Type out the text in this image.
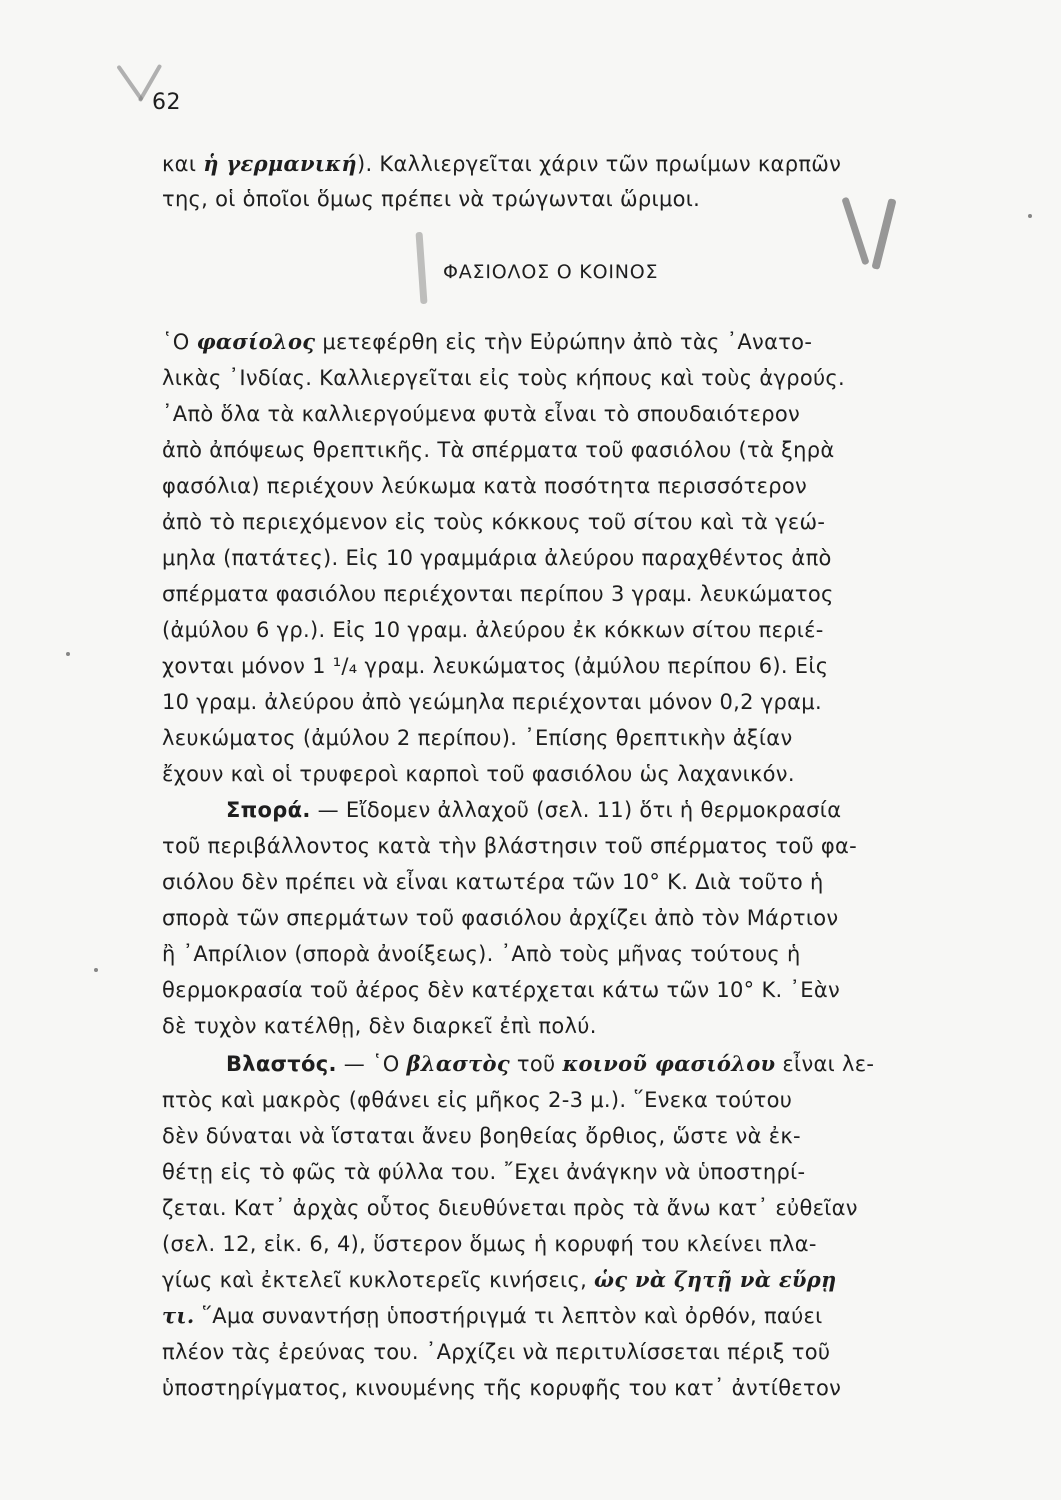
62
και ἡ γερμανική). Καλλιεργεῖται χάριν τῶν πρωίμων καρπῶν
της, οἱ ὁποῖοι ὅμως πρέπει νὰ τρώγωνται ὥριμοι.
ΦΑΣΙΟΛΟΣ Ο ΚΟΙΝΟΣ
῾Ο φασίολος μετεφέρθη εἰς τὴν Εὐρώπην ἀπὸ τὰς ᾿Ανατο-
λικὰς ᾿Ινδίας. Καλλιεργεῖται εἰς τοὺς κήπους καὶ τοὺς ἀγρούς.
᾿Απὸ ὅλα τὰ καλλιεργούμενα φυτὰ εἶναι τὸ σπουδαιότερον
ἀπὸ ἀπόψεως θρεπτικῆς. Τὰ σπέρματα τοῦ φασιόλου (τὰ ξηρὰ
φασόλια) περιέχουν λεύκωμα κατὰ ποσότητα περισσότερον
ἀπὸ τὸ περιεχόμενον εἰς τοὺς κόκκους τοῦ σίτου καὶ τὰ γεώ-
μηλα (πατάτες). Εἰς 10 γραμμάρια ἀλεύρου παραχθέντος ἀπὸ
σπέρματα φασιόλου περιέχονται περίπου 3 γραμ. λευκώματος
(ἀμύλου 6 γρ.). Εἰς 10 γραμ. ἀλεύρου ἐκ κόκκων σίτου περιέ-
χονται μόνον 1 ¹/₄ γραμ. λευκώματος (ἀμύλου περίπου 6). Εἰς
10 γραμ. ἀλεύρου ἀπὸ γεώμηλα περιέχονται μόνον 0,2 γραμ.
λευκώματος (ἀμύλου 2 περίπου). ᾿Επίσης θρεπτικὴν ἀξίαν
ἔχουν καὶ οἱ τρυφεροὶ καρποὶ τοῦ φασιόλου ὡς λαχανικόν.
Σπορά. — Εἴδομεν ἀλλαχοῦ (σελ. 11) ὅτι ἡ θερμοκρασία
τοῦ περιβάλλοντος κατὰ τὴν βλάστησιν τοῦ σπέρματος τοῦ φα-
σιόλου δὲν πρέπει νὰ εἶναι κατωτέρα τῶν 10° Κ. Διὰ τοῦτο ἡ
σπορὰ τῶν σπερμάτων τοῦ φασιόλου ἀρχίζει ἀπὸ τὸν Μάρτιον
ἢ ᾿Απρίλιον (σπορὰ ἀνοίξεως). ᾿Απὸ τοὺς μῆνας τούτους ἡ
θερμοκρασία τοῦ ἀέρος δὲν κατέρχεται κάτω τῶν 10° Κ. ᾿Εὰν
δὲ τυχὸν κατέλθῃ, δὲν διαρκεῖ ἐπὶ πολύ.
Βλαστός. — ῾Ο βλαστὸς τοῦ κοινοῦ φασιόλου εἶναι λε-
πτὸς καὶ μακρὸς (φθάνει εἰς μῆκος 2-3 μ.). ῞Ενεκα τούτου
δὲν δύναται νὰ ἵσταται ἄνευ βοηθείας ὄρθιος, ὥστε νὰ ἐκ-
θέτῃ εἰς τὸ φῶς τὰ φύλλα του. ῎Εχει ἀνάγκην νὰ ὑποστηρί-
ζεται. Κατ᾿ ἀρχὰς οὗτος διευθύνεται πρὸς τὰ ἄνω κατ᾿ εὐθεῖαν
(σελ. 12, εἰκ. 6, 4), ὕστερον ὅμως ἡ κορυφή του κλείνει πλα-
γίως καὶ ἐκτελεῖ κυκλοτερεῖς κινήσεις, ὡς νὰ ζητῇ νὰ εὕρῃ
τι. ῞Αμα συναντήσῃ ὑποστήριγμά τι λεπτὸν καὶ ὀρθόν, παύει
πλέον τὰς ἐρεύνας του. ᾿Αρχίζει νὰ περιτυλίσσεται πέριξ τοῦ
ὑποστηρίγματος, κινουμένης τῆς κορυφῆς του κατ᾿ ἀντίθετον
